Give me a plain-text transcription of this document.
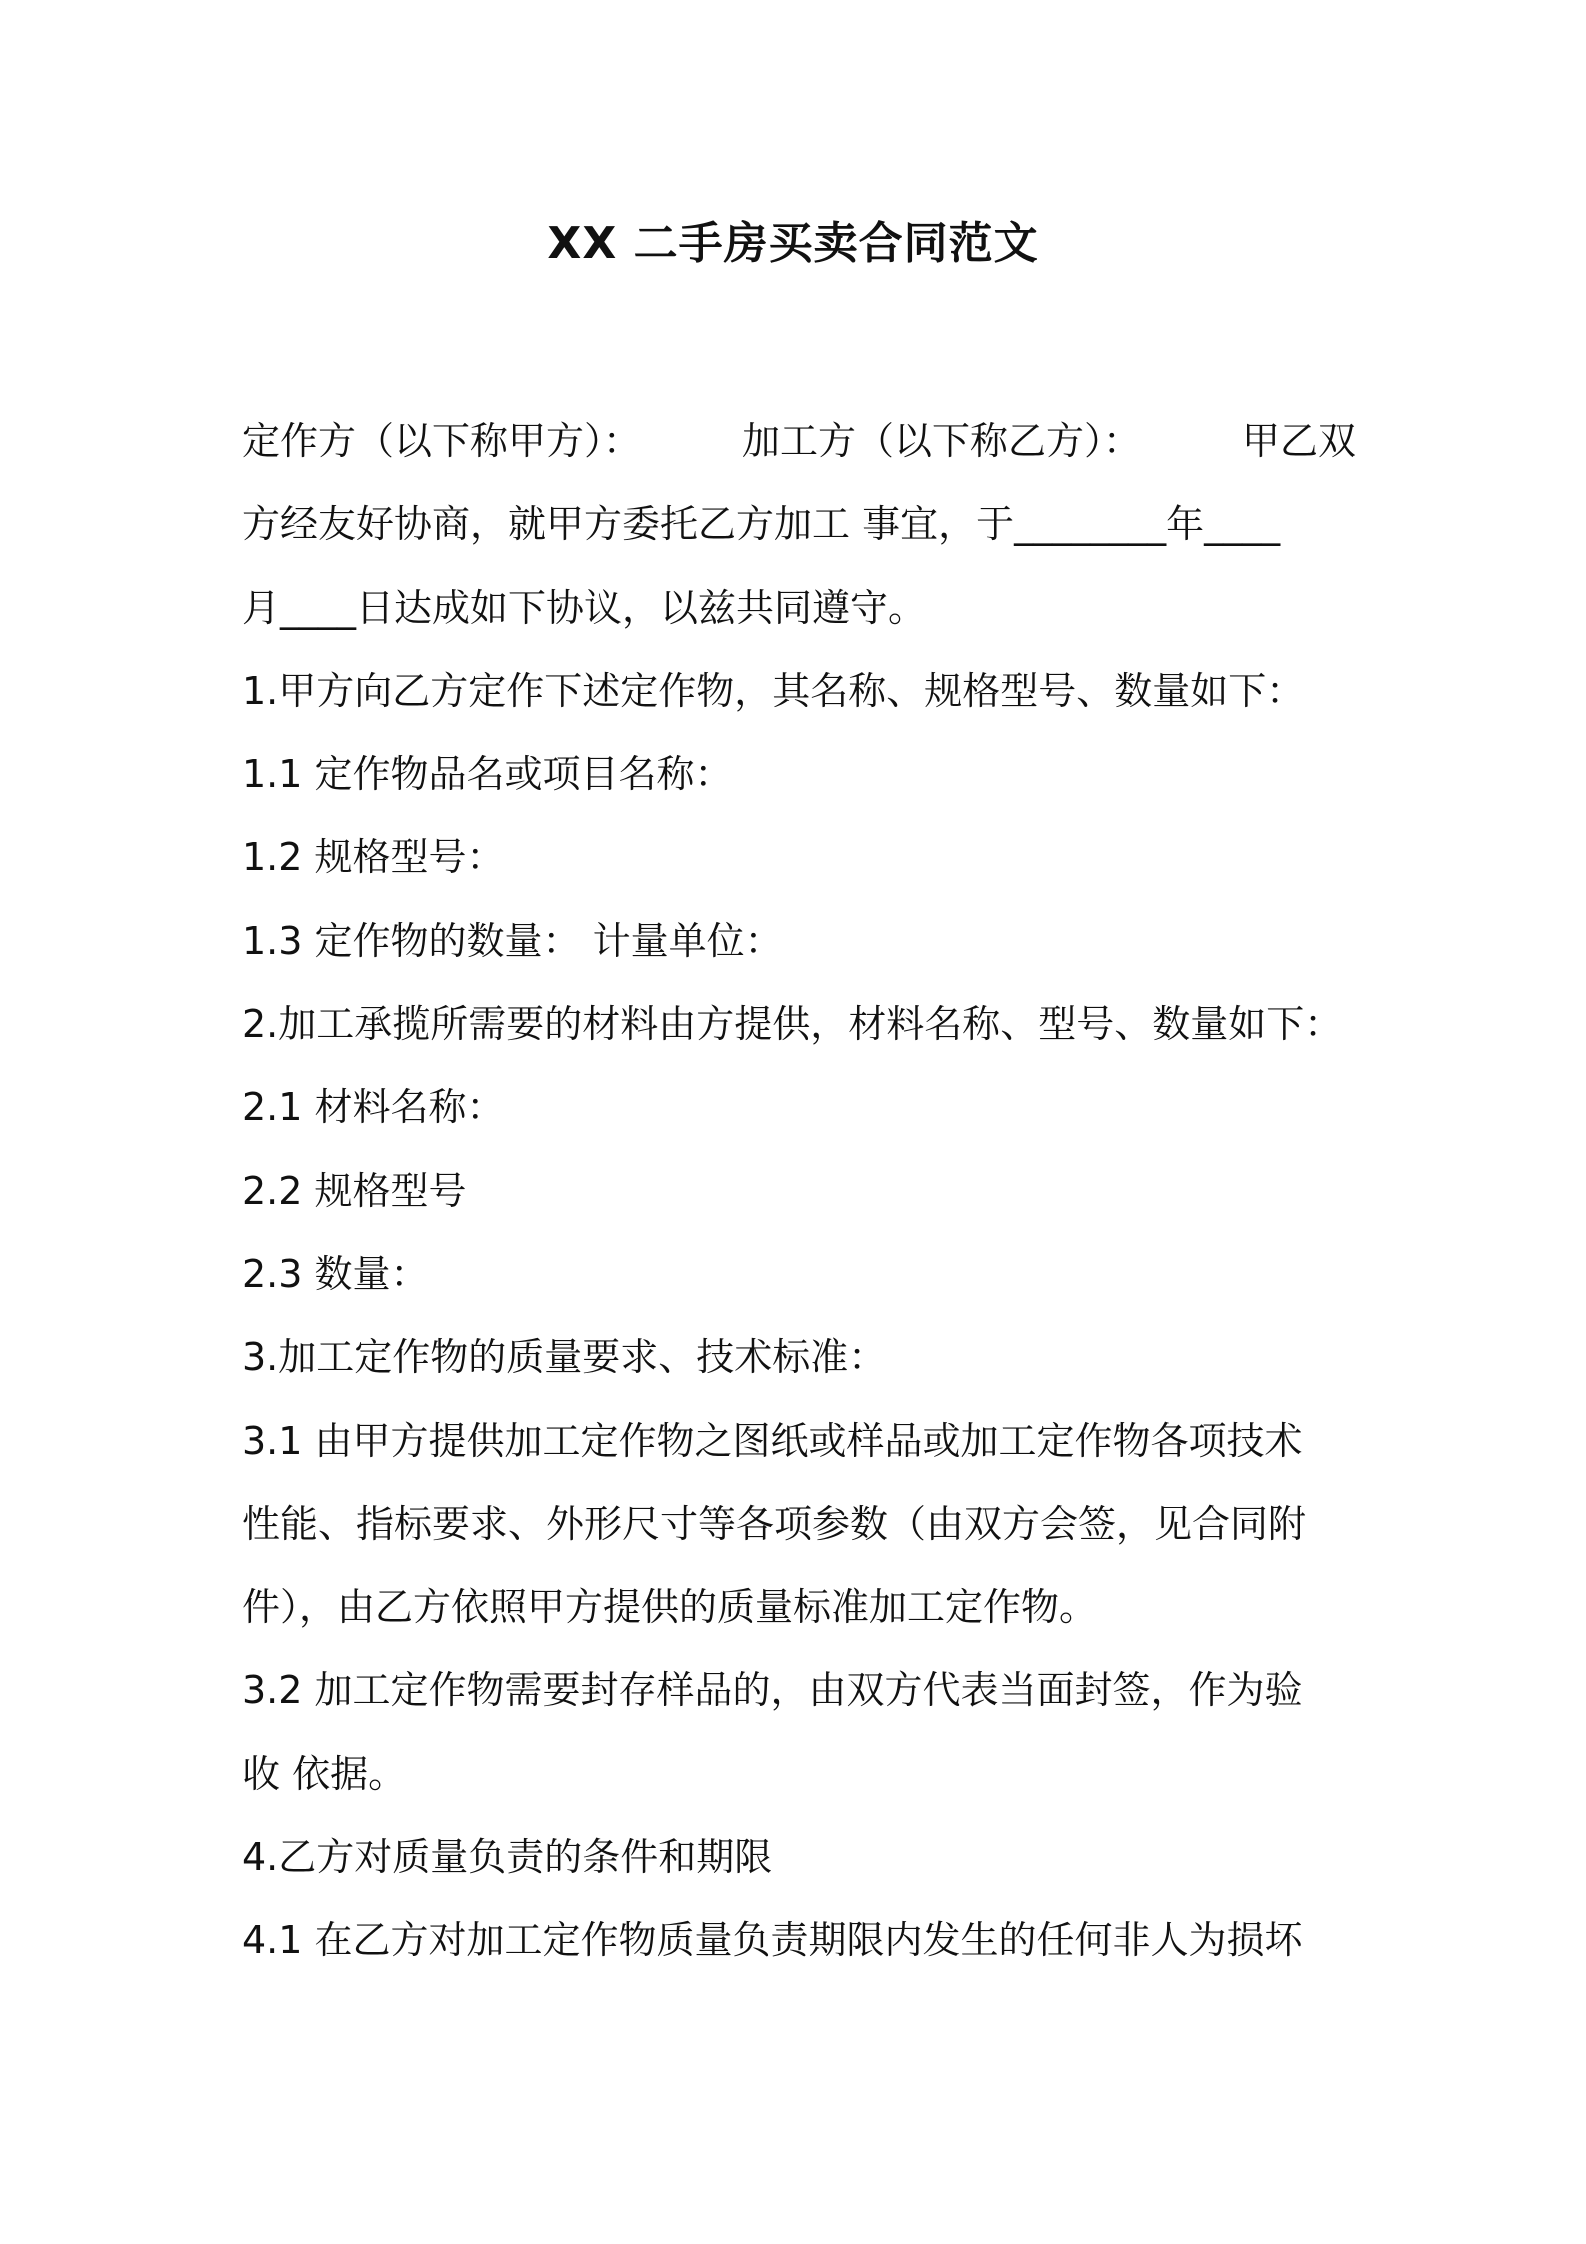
XX 二手房买卖合同范文

定作方（以下称甲方）：	加工方（以下称乙方）：	甲乙双

方经友好协商，就甲方委托乙方加工 事宜，于________年____

月____日达成如下协议，以兹共同遵守。

1.甲方向乙方定作下述定作物，其名称、规格型号、数量如下：

1.1 定作物品名或项目名称：

1.2 规格型号：

1.3 定作物的数量： 计量单位：

2.加工承揽所需要的材料由方提供，材料名称、型号、数量如下：

2.1 材料名称：

2.2 规格型号

2.3 数量：

3.加工定作物的质量要求、技术标准：

3.1 由甲方提供加工定作物之图纸或样品或加工定作物各项技术

性能、指标要求、外形尺寸等各项参数（由双方会签，见合同附

件），由乙方依照甲方提供的质量标准加工定作物。

3.2 加工定作物需要封存样品的，由双方代表当面封签，作为验

收 依据。

4.乙方对质量负责的条件和期限

4.1 在乙方对加工定作物质量负责期限内发生的任何非人为损坏
